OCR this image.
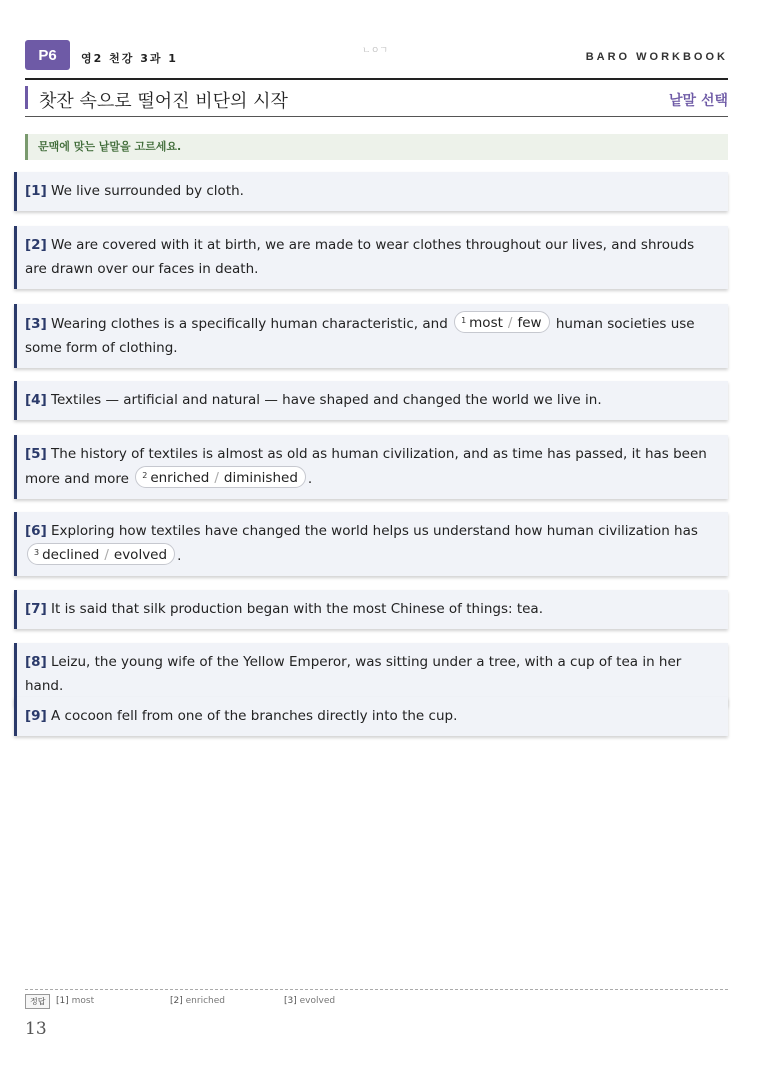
P6	영2 천강 3과 1	BARO WORKBOOK
ㄴㅇㄱ
찻잔 속으로 떨어진 비단의 시작	낱말 선택
문맥에 맞는 낱말을 고르세요.
[1] We live surrounded by cloth.
[2] We are covered with it at birth, we are made to wear clothes throughout our lives, and shrouds are drawn over our faces in death.
[3] Wearing clothes is a specifically human characteristic, and $^1$ most / few human societies use some form of clothing.
[4] Textiles — artificial and natural — have shaped and changed the world we live in.
[5] The history of textiles is almost as old as human civilization, and as time has passed, it has been more and more $^2$ enriched / diminished .
[6] Exploring how textiles have changed the world helps us understand how human civilization has $^3$ declined / evolved .
[7] It is said that silk production began with the most Chinese of things: tea.
[8] Leizu, the young wife of the Yellow Emperor, was sitting under a tree, with a cup of tea in her hand.
[9] A cocoon fell from one of the branches directly into the cup.
정답	[1] most	[2] enriched	[3] evolved
13
